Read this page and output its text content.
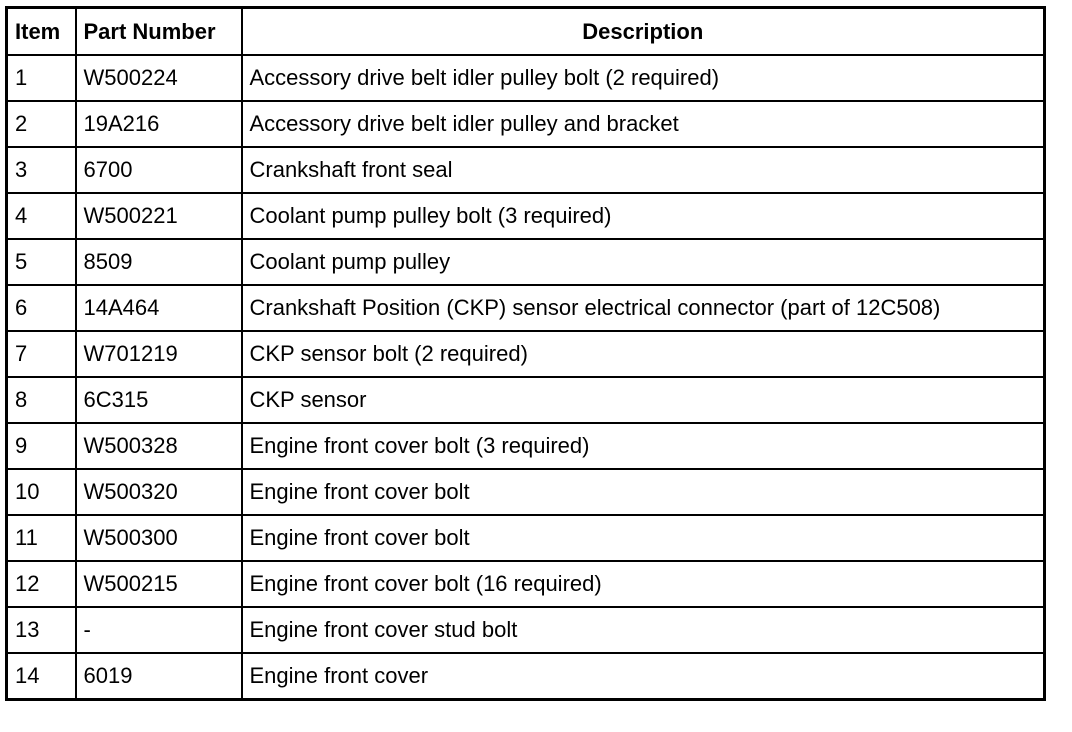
Item	Part Number	Description
1	W500224	Accessory drive belt idler pulley bolt (2 required)
2	19A216	Accessory drive belt idler pulley and bracket
3	6700	Crankshaft front seal
4	W500221	Coolant pump pulley bolt (3 required)
5	8509	Coolant pump pulley
6	14A464	Crankshaft Position (CKP) sensor electrical connector (part of 12C508)
7	W701219	CKP sensor bolt (2 required)
8	6C315	CKP sensor
9	W500328	Engine front cover bolt (3 required)
10	W500320	Engine front cover bolt
11	W500300	Engine front cover bolt
12	W500215	Engine front cover bolt (16 required)
13	-	Engine front cover stud bolt
14	6019	Engine front cover
